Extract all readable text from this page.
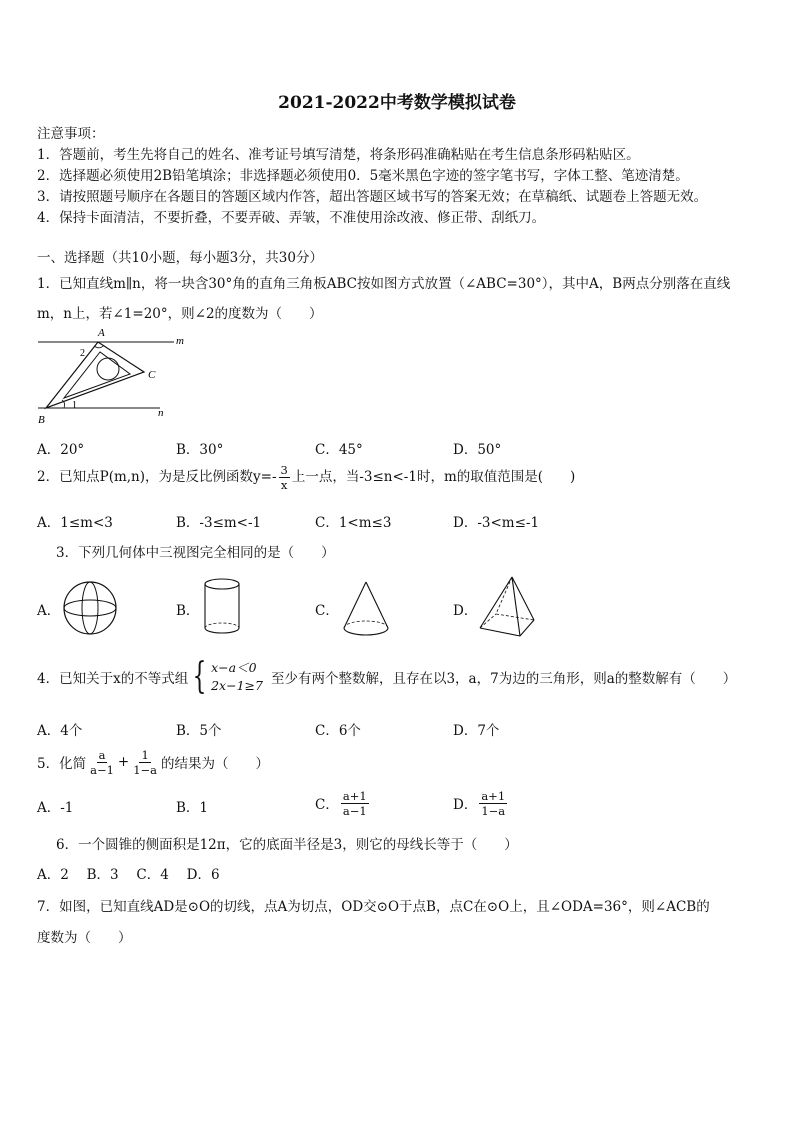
2021-2022中考数学模拟试卷
注意事项：
1．答题前，考生先将自己的姓名、准考证号填写清楚，将条形码准确粘贴在考生信息条形码粘贴区。
2．选择题必须使用2B铅笔填涂；非选择题必须使用0．5毫米黑色字迹的签字笔书写，字体工整、笔迹清楚。
3．请按照题号顺序在各题目的答题区域内作答，超出答题区域书写的答案无效；在草稿纸、试题卷上答题无效。
4．保持卡面清洁，不要折叠，不要弄破、弄皱，不准使用涂改液、修正带、刮纸刀。
一、选择题（共10小题，每小题3分，共30分）
1．已知直线m∥n，将一块含30°角的直角三角板ABC按如图方式放置（∠ABC=30°），其中A，B两点分别落在直线
m，n上，若∠1=20°，则∠2的度数为（　　）
A
B
C
m
n
1
2
A．20°	B．30°	C．45°	D．50°
2．已知点P(m,n)，为是反比例函数$y=- \frac{3}{x}$ 上一点，当-3≤n<-1时，m的取值范围是(　　)
A．1≤m<3	B．-3≤m<-1	C．1<m≤3	D．-3<m≤-1
3．下列几何体中三视图完全相同的是（　　）
A．	B．	C．	D．
4．已知关于x的不等式组 { x−a＜0
2x−1≥7 至少有两个整数解，且存在以3，a，7为边的三角形，则a的整数解有（　　）
A．4个	B．5个	C．6个	D．7个
5．化简 $\frac{a}{a-1} + \frac{1}{1-a}$ 的结果为（　　）
A．-1	B．1	C． $\frac{a+1}{a-1}$	D． $\frac{a+1}{1-a}$
6．一个圆锥的侧面积是12π，它的底面半径是3，则它的母线长等于（　　）
A．2　 B．3　 C．4　 D．6
7．如图，已知直线AD是⊙O的切线，点A为切点，OD交⊙O于点B，点C在⊙O上，且∠ODA=36°，则∠ACB的
度数为（　　）
